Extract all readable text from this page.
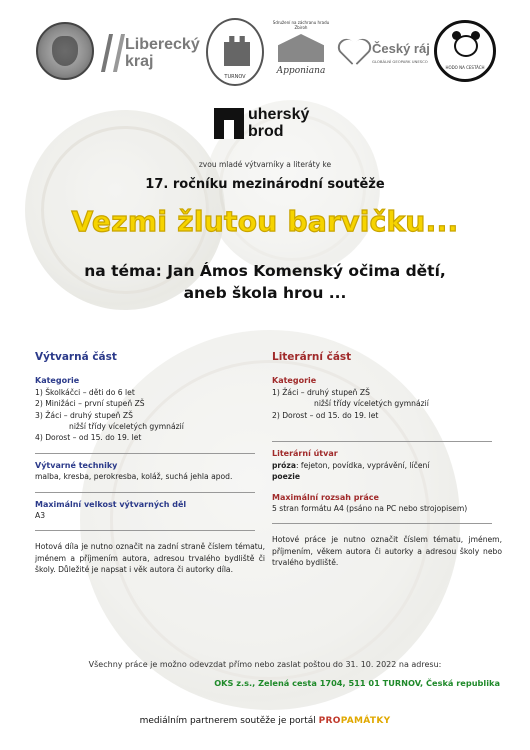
Liberecký
kraj
TURNOV
Sdružení na záchranu hradu Zbiroh
Apponiana
Český ráj
GLOBÁLNÍ GEOPARK UNESCO
HODO NA CESTÁCH
uherský
brod
zvou mladé výtvarníky a literáty ke
17. ročníku mezinárodní soutěže
Vezmi žlutou barvičku...
na téma: Jan Ámos Komenský očima dětí,
aneb škola hrou ...
Výtvarná část
Kategorie
1) Školkáčci – děti do 6 let
2) Minižáci – první stupeň ZŠ
3) Žáci – druhý stupeň ZŠ
nižší třídy víceletých gymnázií
4) Dorost – od 15. do 19. let
Výtvarné techniky
malba, kresba, perokresba, koláž, suchá jehla apod.
Maximální velkost výtvarných děl
A3
Hotová díla je nutno označit na zadní straně číslem tématu, jménem a příjmením autora, adresou trvalého bydliště či školy. Důležité je napsat i věk autora či autorky díla.
Literární část
Kategorie
1) Žáci – druhý stupeň ZŠ
nižší třídy víceletých gymnázií
2) Dorost – od 15. do 19. let

Literární útvar
próza: fejeton, povídka, vyprávění, líčení
poezie
Maximální rozsah práce
5 stran formátu A4 (psáno na PC nebo strojopisem)
Hotové práce je nutno označit číslem tématu, jménem, příjmením, věkem autora či autorky a adresou školy nebo trvalého bydliště.
Všechny práce je možno odevzdat přímo nebo zaslat poštou do 31. 10. 2022 na adresu:
OKS z.s., Zelená cesta 1704, 511 01 TURNOV, Česká republika
mediálním partnerem soutěže je portál PROPAMÁTKY
